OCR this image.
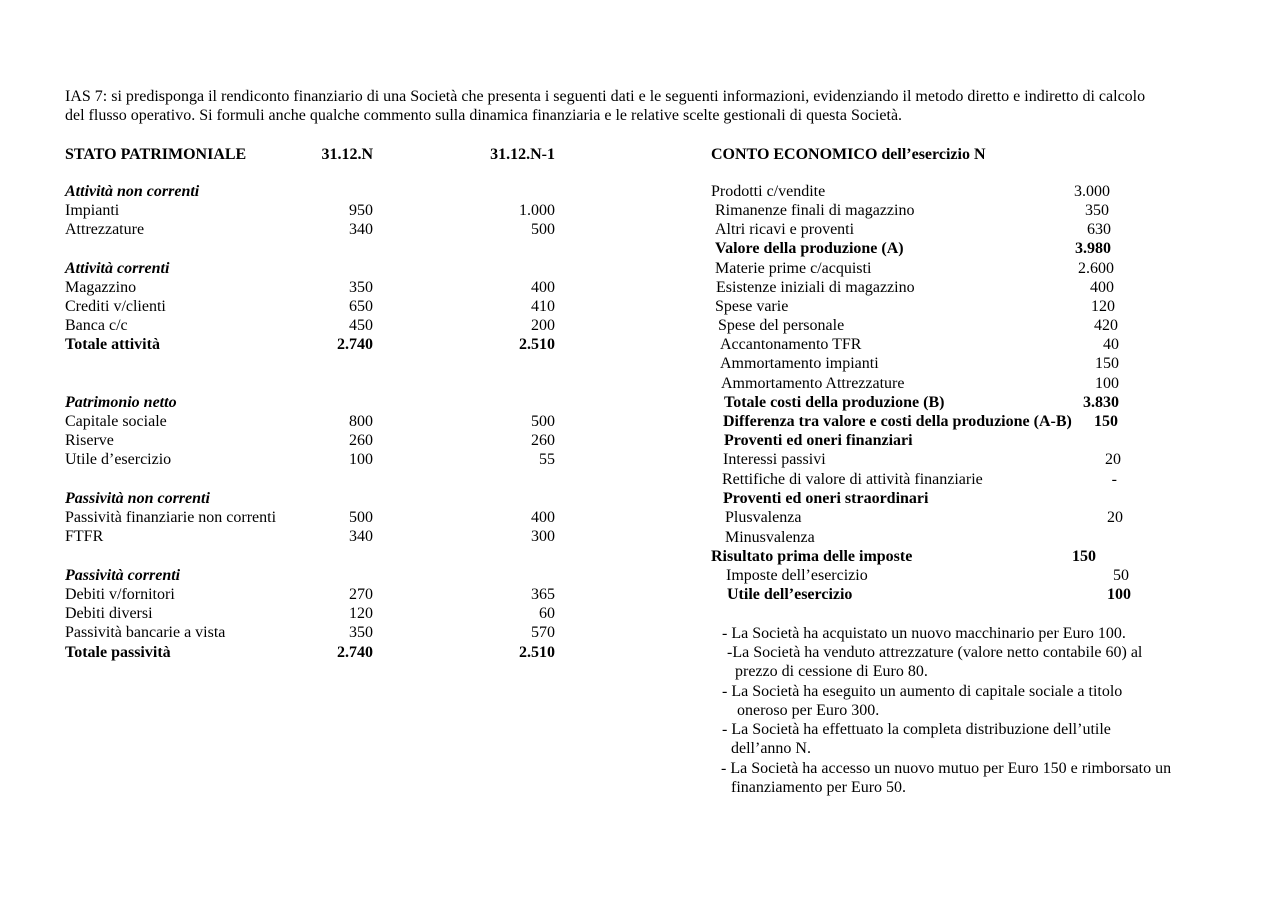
IAS 7: si predisponga il rendiconto finanziario di una Società che presenta i seguenti dati e le seguenti informazioni, evidenziando il metodo diretto e indiretto di calcolo
del flusso operativo. Si formuli anche qualche commento sulla dinamica finanziaria e le relative scelte gestionali di questa Società.
STATO PATRIMONIALE	31.12.N	31.12.N-1
Attività non correnti
Impianti	950	1.000
Attrezzature	340	500
Attività correnti
Magazzino	350	400
Crediti v/clienti	650	410
Banca c/c	450	200
Totale attività	2.740	2.510
Patrimonio netto
Capitale sociale	800	500
Riserve	260	260
Utile d’esercizio	100	55
Passività non correnti
Passività finanziarie non correnti	500	400
FTFR	340	300
Passività correnti
Debiti v/fornitori	270	365
Debiti diversi	120	60
Passività bancarie a vista	350	570
Totale passività	2.740	2.510
CONTO ECONOMICO dell’esercizio N
Prodotti c/vendite	3.000
Rimanenze finali di magazzino	350
Altri ricavi e proventi	630
Valore della produzione (A)	3.980
Materie prime c/acquisti	2.600
Esistenze iniziali di magazzino	400
Spese varie	120
Spese del personale	420
Accantonamento TFR	40
Ammortamento impianti	150
Ammortamento Attrezzature	100
Totale costi della produzione (B)	3.830
Differenza tra valore e costi della produzione (A-B) 150
Proventi ed oneri finanziari
Interessi passivi	20
Rettifiche di valore di attività finanziarie	-
Proventi ed oneri straordinari
Plusvalenza	20
Minusvalenza
Risultato prima delle imposte	150
Imposte dell’esercizio	50
Utile dell’esercizio	100
- La Società ha acquistato un nuovo macchinario per Euro 100.
-La Società ha venduto attrezzature (valore netto contabile 60) al
prezzo di cessione di Euro 80.
- La Società ha eseguito un aumento di capitale sociale a titolo
oneroso per Euro 300.
- La Società ha effettuato la completa distribuzione dell’utile
dell’anno N.
- La Società ha accesso un nuovo mutuo per Euro 150 e rimborsato un
finanziamento per Euro 50.
